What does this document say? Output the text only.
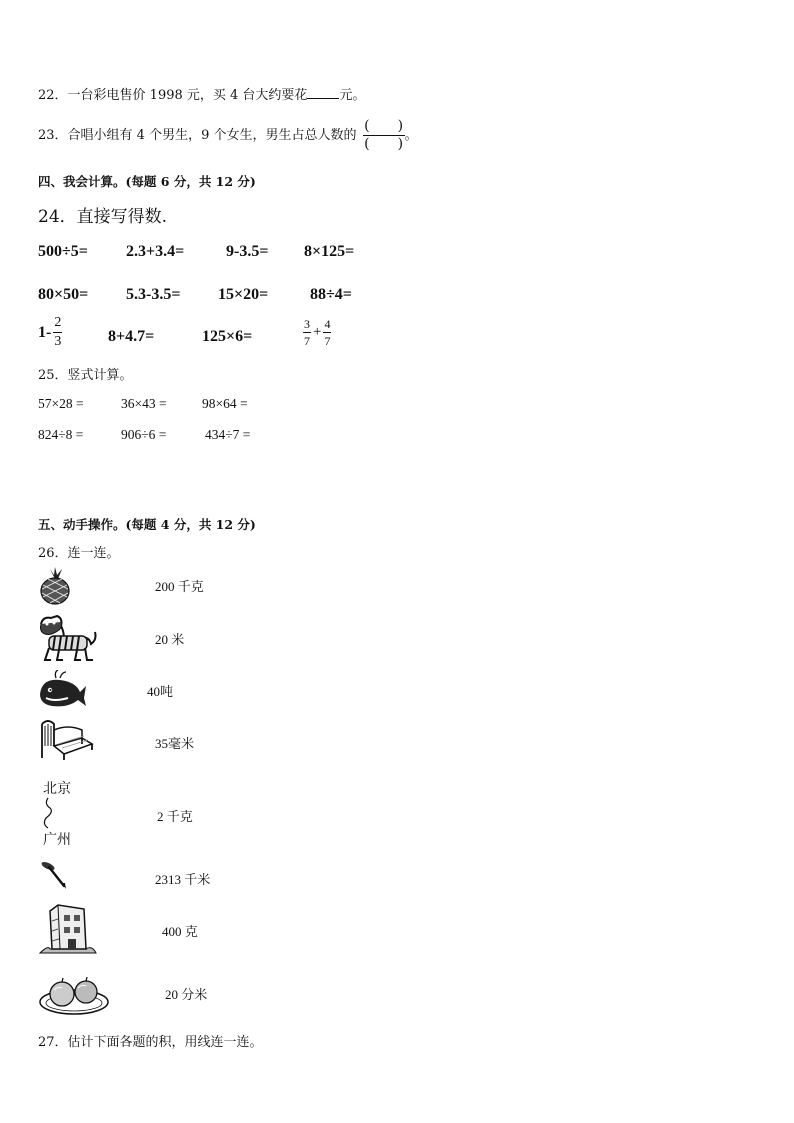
22．一台彩电售价 1998 元，买 4 台大约要花 元。
23．合唱小组有 4 个男生，9 个女生，男生占总人数的
(　　)
(　　)
。
四、我会计算。(每题 6 分，共 12 分)
24．直接写得数.
500÷5= 2.3+3.4=	9-3.5= 8×125=
80×50= 5.3-3.5= 15×20=	88÷4=
$1- \frac{2}{3}$	8+4.7=	125×6=	$\frac{3}{7} + \frac{4}{7}$
25．竖式计算。
57×28 =	36×43 =	98×64 =
824÷8 =	906÷6 =	434÷7 =
五、动手操作。(每题 4 分，共 12 分)
26．连一连。
200 千克
20 米
40吨
35毫米
北京
广州
2 千克
2313 千米
400 克
20 分米
27．估计下面各题的积，用线连一连。
